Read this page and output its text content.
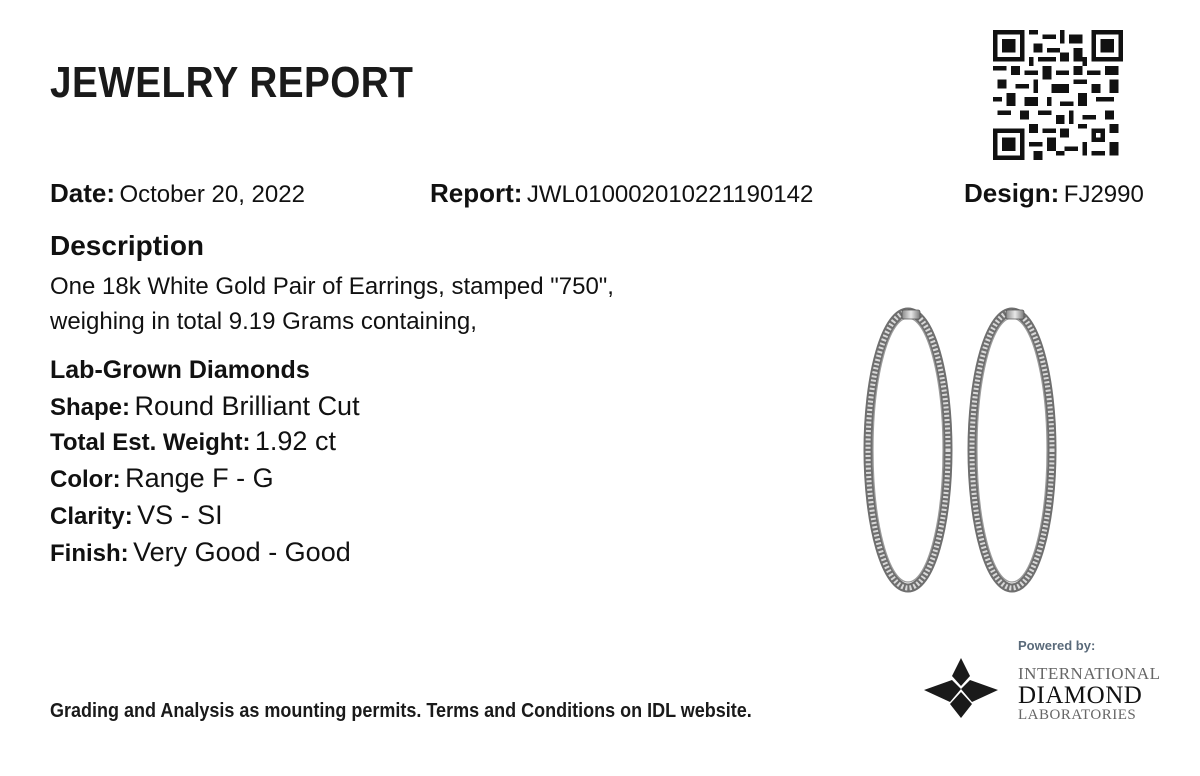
JEWELRY REPORT
Date: October 20, 2022	Report: JWL010002010221190142	Design: FJ2990
Description
One 18k White Gold Pair of Earrings, stamped "750",
weighing in total 9.19 Grams containing,
Lab-Grown Diamonds
Shape: Round Brilliant Cut
Total Est. Weight: 1.92 ct
Color: Range F - G
Clarity: VS - SI
Finish: Very Good - Good
Grading and Analysis as mounting permits. Terms and Conditions on IDL website.
Powered by:
INTERNATIONAL
DIAMOND
LABORATORIES
